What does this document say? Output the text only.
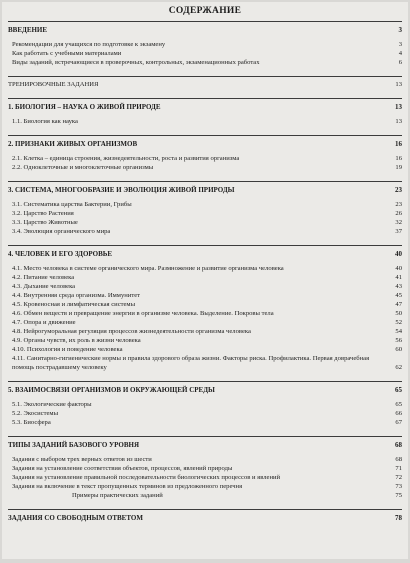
СОДЕРЖАНИЕ
ВВЕДЕНИЕ	3
Рекомендации для учащихся по подготовке к экзамену	3
Как работать с учебными материалами	4
Виды заданий, встречающиеся в проверочных, контрольных, экзаменационных работах	6
ТРЕНИРОВОЧНЫЕ ЗАДАНИЯ	13
1. БИОЛОГИЯ – НАУКА О ЖИВОЙ ПРИРОДЕ	13
1.1. Биология как наука	13
2. ПРИЗНАКИ ЖИВЫХ ОРГАНИЗМОВ	16
2.1. Клетка – единица строения, жизнедеятельности, роста и развития организма	16
2.2. Одноклеточные и многоклеточные организмы	19
3. СИСТЕМА, МНОГООБРАЗИЕ И ЭВОЛЮЦИЯ ЖИВОЙ ПРИРОДЫ	23
3.1. Систематика царства Бактерии, Грибы	23
3.2. Царство Растения	26
3.3. Царство Животные	32
3.4. Эволюция органического мира	37
4. ЧЕЛОВЕК И ЕГО ЗДОРОВЬЕ	40
4.1. Место человека в системе органического мира. Размножение и развитие организма человека	40
4.2. Питание человека	41
4.3. Дыхание человека	43
4.4. Внутренняя среда организма. Иммунитет	45
4.5. Кровеносная и лимфатическая системы	47
4.6. Обмен веществ и превращение энергии в организме человека. Выделение. Покровы тела	50
4.7. Опора и движение	52
4.8. Нейрогуморальная регуляция процессов жизнедеятельности организма человека	54
4.9. Органы чувств, их роль в жизни человека	56
4.10. Психология и поведение человека	60
4.11. Санитарно-гигиенические нормы и правила здорового образа жизни. Факторы риска. Профилактика. Первая доврачебная помощь пострадавшему человеку	62
5. ВЗАИМОСВЯЗИ ОРГАНИЗМОВ И ОКРУЖАЮЩЕЙ СРЕДЫ	65
5.1. Экологические факторы	65
5.2. Экосистемы	66
5.3. Биосфера	67
ТИПЫ ЗАДАНИЙ БАЗОВОГО УРОВНЯ	68
Задания с выбором трех верных ответов из шести	68
Задания на установление соответствия объектов, процессов, явлений природы	71
Задания на установление правильной последовательности биологических процессов и явлений	72
Задания на включение в текст пропущенных терминов из предложенного перечня	73
Примеры практических заданий	75
ЗАДАНИЯ СО СВОБОДНЫМ ОТВЕТОМ	78
